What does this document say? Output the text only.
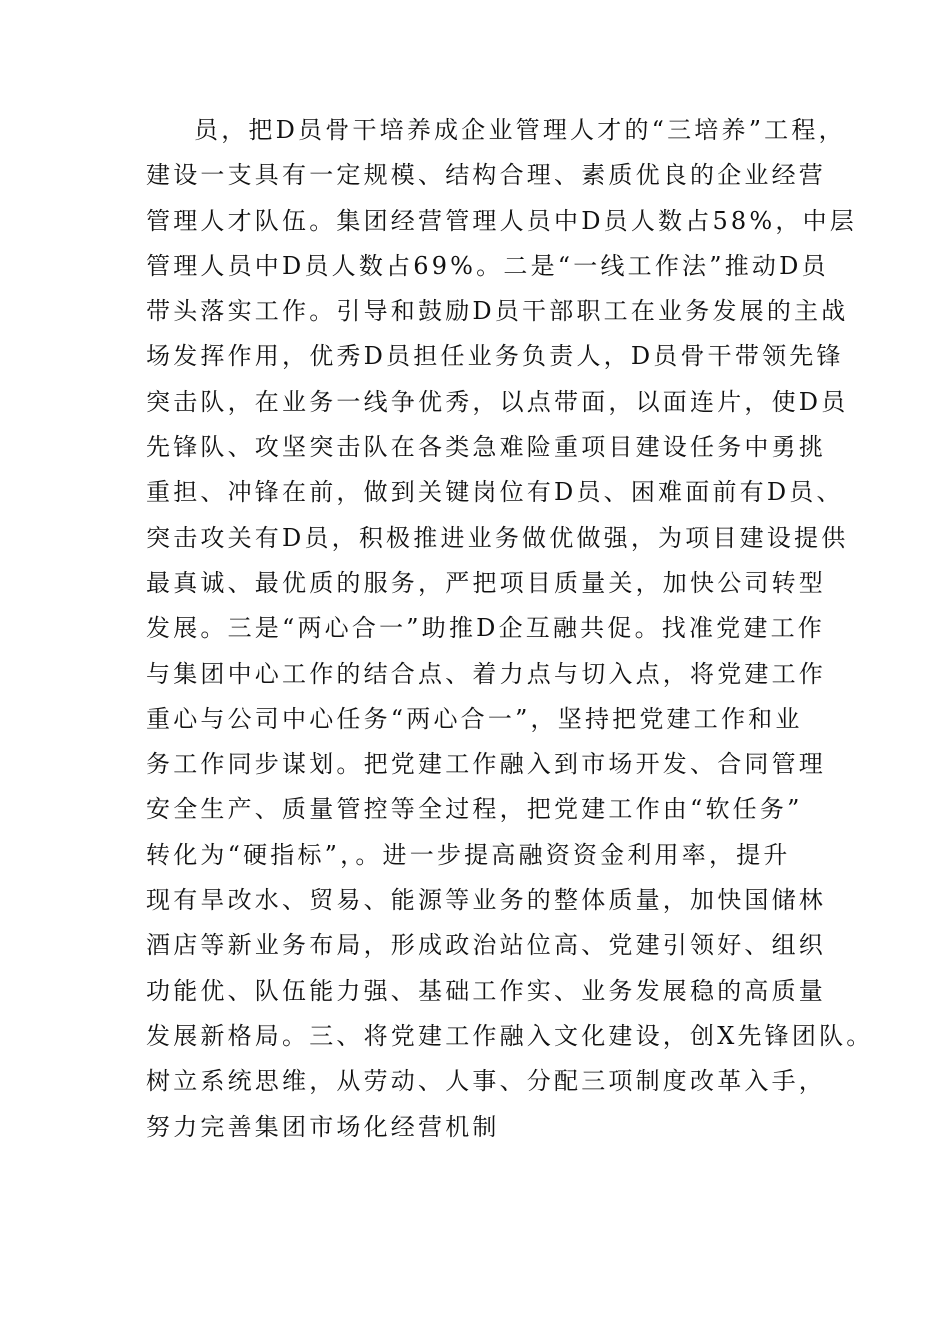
员，把D员骨干培养成企业管理人才的“三培养”工程，
建设一支具有一定规模、结构合理、素质优良的企业经营
管理人才队伍。集团经营管理人员中D员人数占58%，中层
管理人员中D员人数占69%。二是“一线工作法”推动D员
带头落实工作。引导和鼓励D员干部职工在业务发展的主战
场发挥作用，优秀D员担任业务负责人，D员骨干带领先锋
突击队，在业务一线争优秀，以点带面，以面连片，使D员
先锋队、攻坚突击队在各类急难险重项目建设任务中勇挑
重担、冲锋在前，做到关键岗位有D员、困难面前有D员、
突击攻关有D员，积极推进业务做优做强，为项目建设提供
最真诚、最优质的服务，严把项目质量关，加快公司转型
发展。三是“两心合一”助推D企互融共促。找准党建工作
与集团中心工作的结合点、着力点与切入点，将党建工作
重心与公司中心任务“两心合一”，坚持把党建工作和业
务工作同步谋划。把党建工作融入到市场开发、合同管理
安全生产、质量管控等全过程，把党建工作由“软任务”
转化为“硬指标”，。进一步提高融资资金利用率，提升
现有旱改水、贸易、能源等业务的整体质量，加快国储林
酒店等新业务布局，形成政治站位高、党建引领好、组织
功能优、队伍能力强、基础工作实、业务发展稳的高质量
发展新格局。三、将党建工作融入文化建设，创X先锋团队。
树立系统思维，从劳动、人事、分配三项制度改革入手，
努力完善集团市场化经营机制
